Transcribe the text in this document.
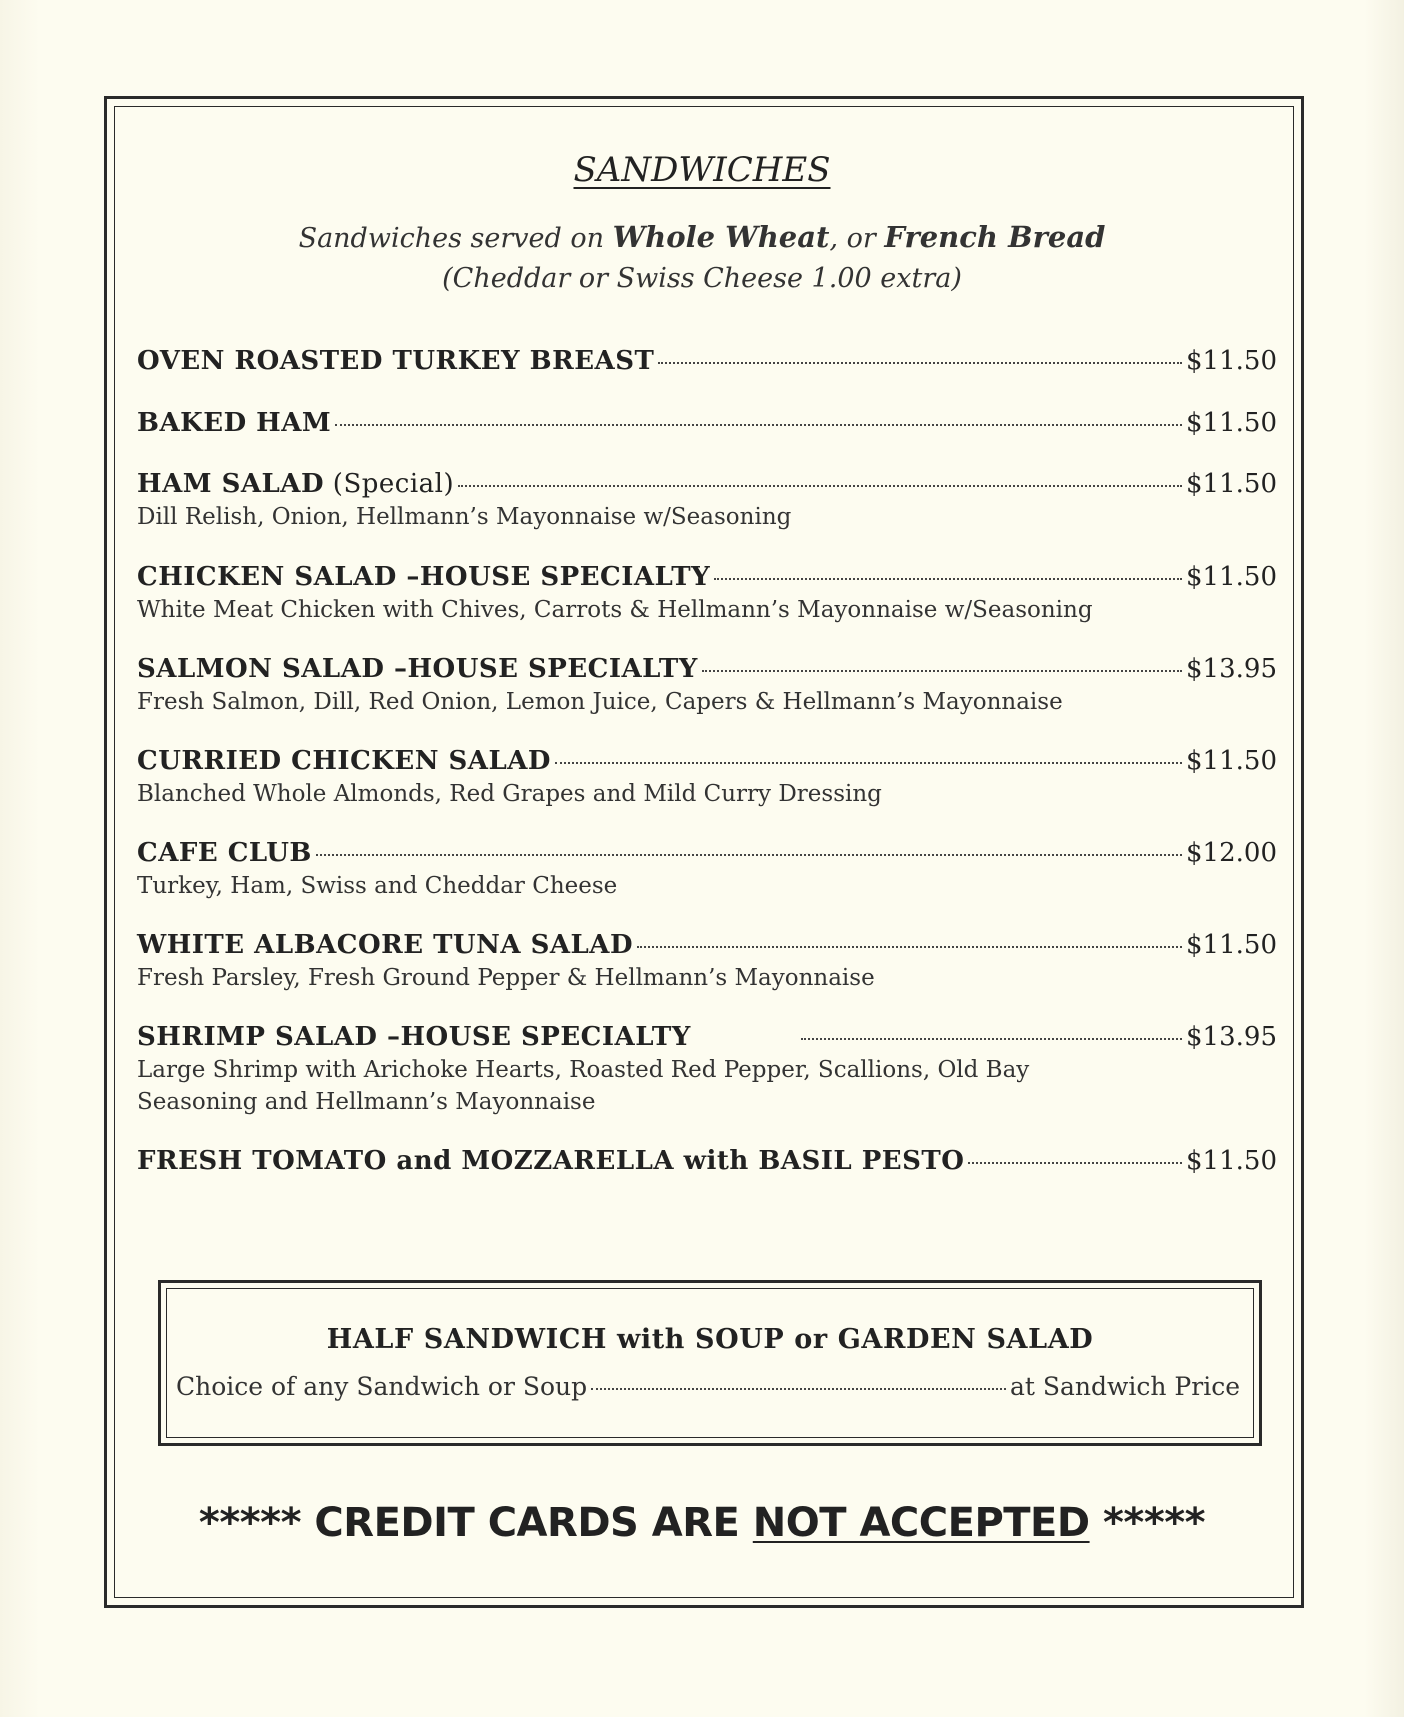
SANDWICHES
Sandwiches served on Whole Wheat, or French Bread
(Cheddar or Swiss Cheese 1.00 extra)
OVEN ROASTED TURKEY BREAST	$11.50
BAKED HAM	$11.50
HAM SALAD (Special)	$11.50
Dill Relish, Onion, Hellmann’s Mayonnaise w/Seasoning
CHICKEN SALAD –HOUSE SPECIALTY	$11.50
White Meat Chicken with Chives, Carrots & Hellmann’s Mayonnaise w/Seasoning
SALMON SALAD –HOUSE SPECIALTY	$13.95
Fresh Salmon, Dill, Red Onion, Lemon Juice, Capers & Hellmann’s Mayonnaise
CURRIED CHICKEN SALAD	$11.50
Blanched Whole Almonds, Red Grapes and Mild Curry Dressing
CAFE CLUB	$12.00
Turkey, Ham, Swiss and Cheddar Cheese
WHITE ALBACORE TUNA SALAD	$11.50
Fresh Parsley, Fresh Ground Pepper & Hellmann’s Mayonnaise
SHRIMP SALAD –HOUSE SPECIALTY	$13.95
Large Shrimp with Arichoke Hearts, Roasted Red Pepper, Scallions, Old Bay
Seasoning and Hellmann’s Mayonnaise
FRESH TOMATO and MOZZARELLA with BASIL PESTO	$11.50
HALF SANDWICH with SOUP or GARDEN SALAD
Choice of any Sandwich or Soup	at Sandwich Price
***** CREDIT CARDS ARE NOT ACCEPTED *****
